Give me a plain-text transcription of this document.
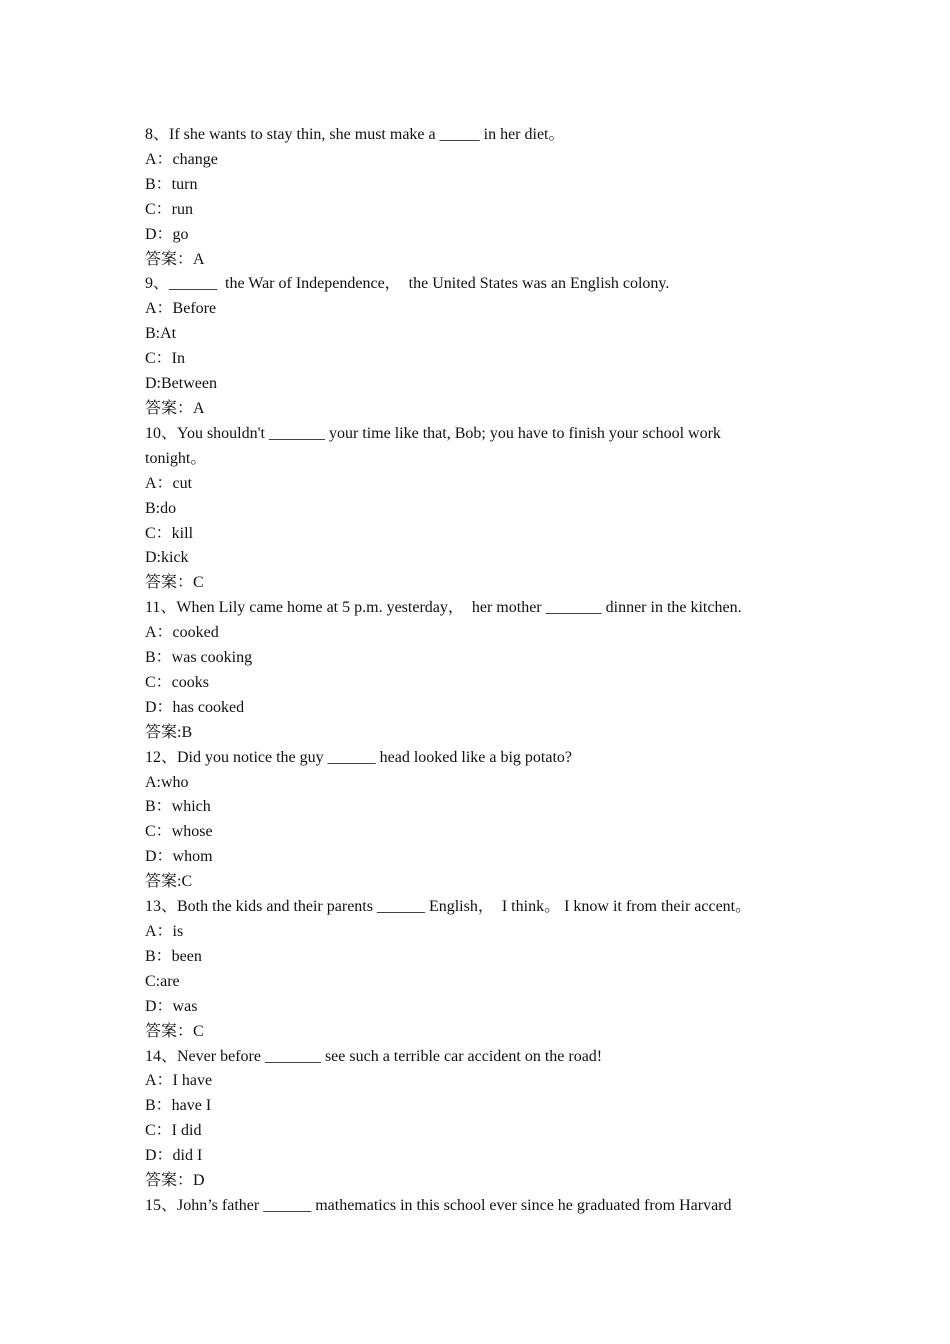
8、If she wants to stay thin, she must make a _____ in her diet。
A：change
B：turn
C：run
D：go
答案：A
9、______  the War of Independence，  the United States was an English colony.
A：Before
B:At
C：In
D:Between
答案：A
10、You shouldn't _______ your time like that, Bob; you have to finish your school work
tonight。
A：cut
B:do
C：kill
D:kick
答案：C
11、When Lily came home at 5 p.m. yesterday，  her mother _______ dinner in the kitchen.
A：cooked
B：was cooking
C：cooks
D：has cooked
答案:B
12、Did you notice the guy ______ head looked like a big potato?
A:who
B：which
C：whose
D：whom
答案:C
13、Both the kids and their parents ______ English，  I think。 I know it from their accent。
A：is
B：been
C:are
D：was
答案：C
14、Never before _______ see such a terrible car accident on the road!
A：I have
B：have I
C：I did
D：did I
答案：D
15、John’s father ______ mathematics in this school ever since he graduated from Harvard
